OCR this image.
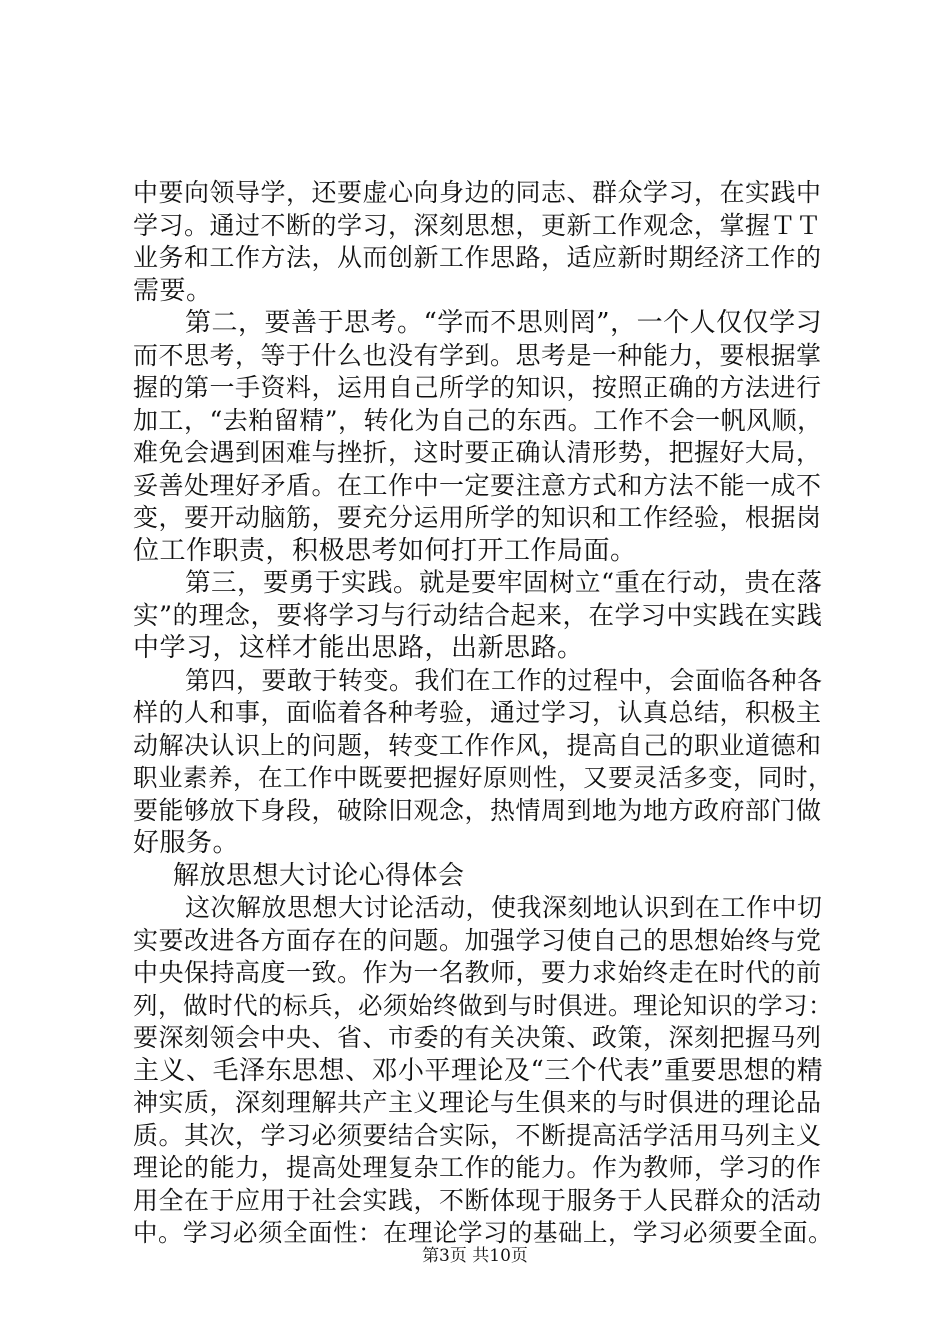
中要向领导学，还要虚心向身边的同志、群众学习，在实践中
学习。通过不断的学习，深刻思想，更新工作观念，掌握ＴＴ
业务和工作方法，从而创新工作思路，适应新时期经济工作的
需要。
第二，要善于思考。“学而不思则罔”，一个人仅仅学习
而不思考，等于什么也没有学到。思考是一种能力，要根据掌
握的第一手资料，运用自己所学的知识，按照正确的方法进行
加工，“去粕留精”，转化为自己的东西。工作不会一帆风顺，
难免会遇到困难与挫折，这时要正确认清形势，把握好大局，
妥善处理好矛盾。在工作中一定要注意方式和方法不能一成不
变，要开动脑筋，要充分运用所学的知识和工作经验，根据岗
位工作职责，积极思考如何打开工作局面。
第三，要勇于实践。就是要牢固树立“重在行动，贵在落
实”的理念，要将学习与行动结合起来，在学习中实践在实践
中学习，这样才能出思路，出新思路。
第四，要敢于转变。我们在工作的过程中，会面临各种各
样的人和事，面临着各种考验，通过学习，认真总结，积极主
动解决认识上的问题，转变工作作风，提高自己的职业道德和
职业素养，在工作中既要把握好原则性，又要灵活多变，同时，
要能够放下身段，破除旧观念，热情周到地为地方政府部门做
好服务。
解放思想大讨论心得体会
这次解放思想大讨论活动，使我深刻地认识到在工作中切
实要改进各方面存在的问题。加强学习使自己的思想始终与党
中央保持高度一致。作为一名教师，要力求始终走在时代的前
列，做时代的标兵，必须始终做到与时俱进。理论知识的学习：
要深刻领会中央、省、市委的有关决策、政策，深刻把握马列
主义、毛泽东思想、邓小平理论及“三个代表”重要思想的精
神实质，深刻理解共产主义理论与生俱来的与时俱进的理论品
质。其次，学习必须要结合实际，不断提高活学活用马列主义
理论的能力，提高处理复杂工作的能力。作为教师，学习的作
用全在于应用于社会实践，不断体现于服务于人民群众的活动
中。学习必须全面性：在理论学习的基础上，学习必须要全面。
第3页 共10页
